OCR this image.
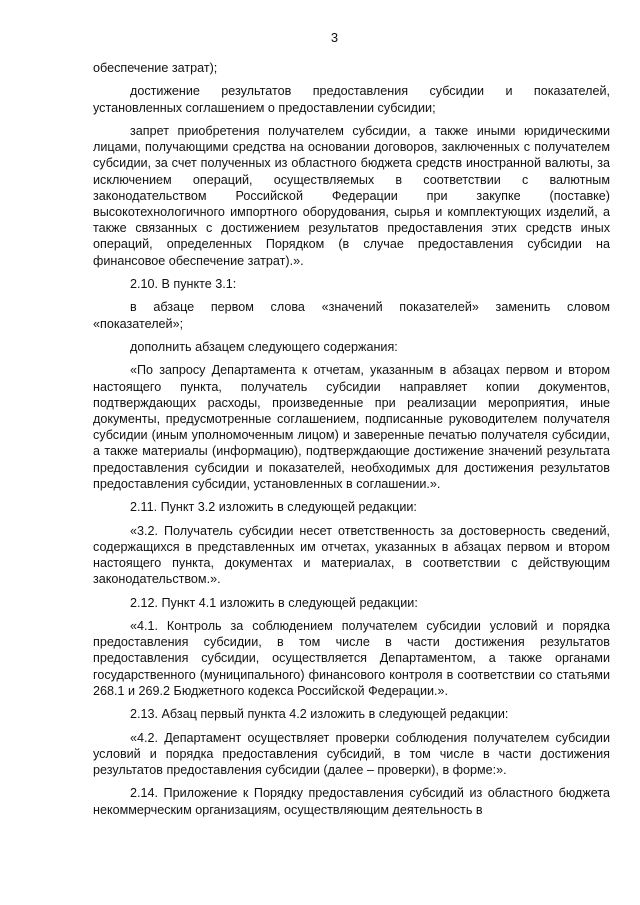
3

обеспечение затрат);

достижение результатов предоставления субсидии и показателей, установленных соглашением о предоставлении субсидии;

запрет приобретения получателем субсидии, а также иными юридическими лицами, получающими средства на основании договоров, заключенных с получателем субсидии, за счет полученных из областного бюджета средств иностранной валюты, за исключением операций, осуществляемых в соответствии с валютным законодательством Российской Федерации при закупке (поставке) высокотехнологичного импортного оборудования, сырья и комплектующих изделий, а также связанных с достижением результатов предоставления этих средств иных операций, определенных Порядком (в случае предоставления субсидии на финансовое обеспечение затрат).».

2.10. В пункте 3.1:

в абзаце первом слова «значений показателей» заменить словом «показателей»;

дополнить абзацем следующего содержания:

«По запросу Департамента к отчетам, указанным в абзацах первом и втором настоящего пункта, получатель субсидии направляет копии документов, подтверждающих расходы, произведенные при реализации мероприятия, иные документы, предусмотренные соглашением, подписанные руководителем получателя субсидии (иным уполномоченным лицом) и заверенные печатью получателя субсидии, а также материалы (информацию), подтверждающие достижение значений результата предоставления субсидии и показателей, необходимых для достижения результатов предоставления субсидии, установленных в соглашении.».

2.11. Пункт 3.2 изложить в следующей редакции:

«3.2. Получатель субсидии несет ответственность за достоверность сведений, содержащихся в представленных им отчетах, указанных в абзацах первом и втором настоящего пункта, документах и материалах, в соответствии с действующим законодательством.».

2.12. Пункт 4.1 изложить в следующей редакции:

«4.1. Контроль за соблюдением получателем субсидии условий и порядка предоставления субсидии, в том числе в части достижения результатов предоставления субсидии, осуществляется Департаментом, а также органами государственного (муниципального) финансового контроля в соответствии со статьями 268.1 и 269.2 Бюджетного кодекса Российской Федерации.».

2.13. Абзац первый пункта 4.2 изложить в следующей редакции:

«4.2. Департамент осуществляет проверки соблюдения получателем субсидии условий и порядка предоставления субсидий, в том числе в части достижения результатов предоставления субсидии (далее – проверки), в форме:».

2.14. Приложение к Порядку предоставления субсидий из областного бюджета некоммерческим организациям, осуществляющим деятельность в
